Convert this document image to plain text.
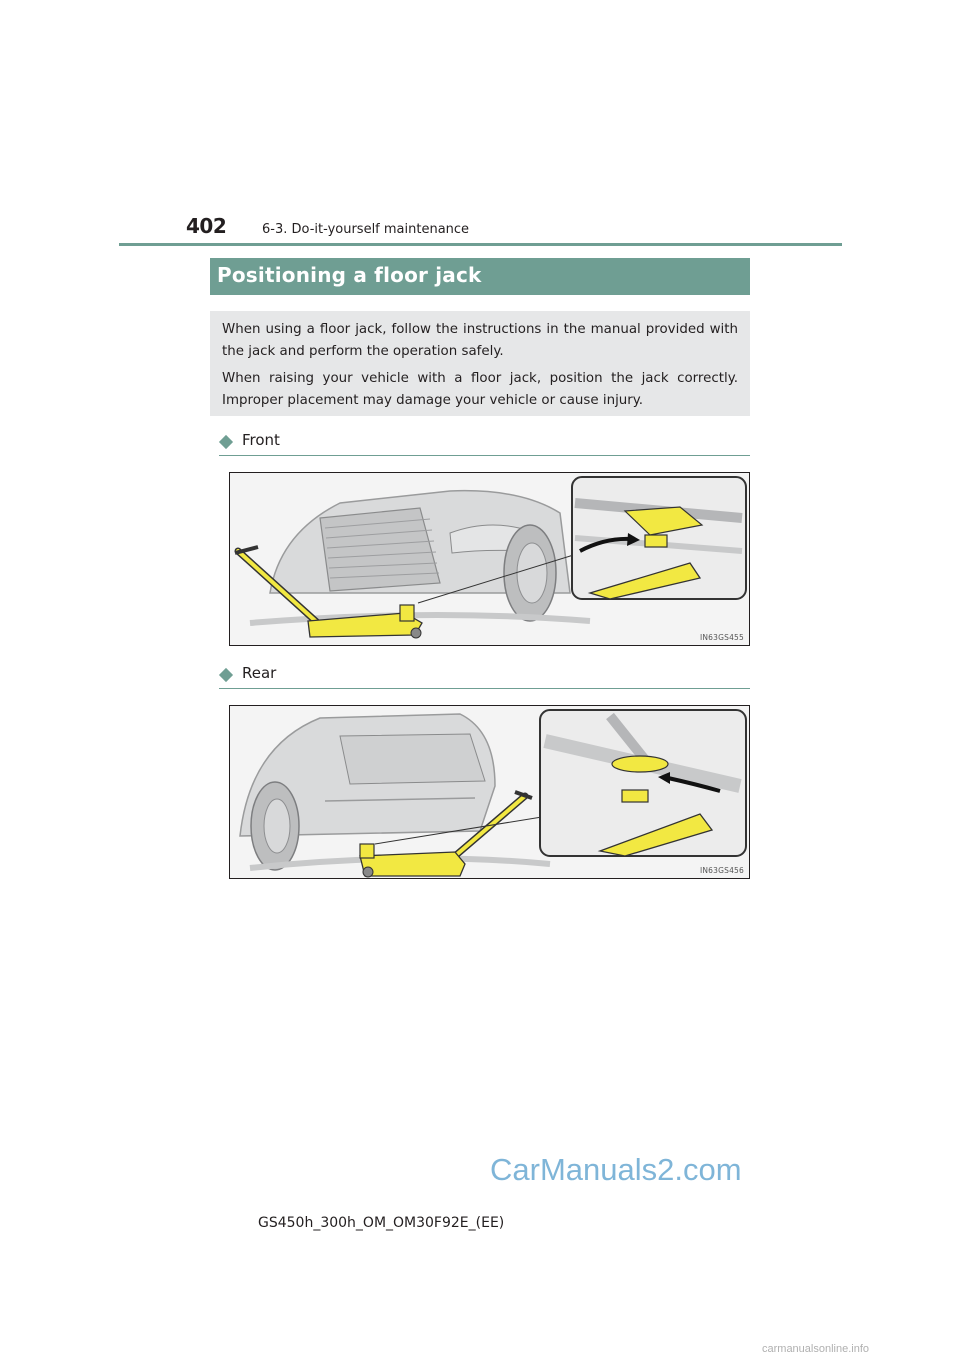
402	6-3. Do-it-yourself maintenance
Positioning a floor jack

When using a floor jack, follow the instructions in the manual provided with the jack and perform the operation safely.

When raising your vehicle with a floor jack, position the jack correctly. Improper placement may damage your vehicle or cause injury.

Front
IN63GS455
Rear
IN63GS456
CarManuals2.com
GS450h_300h_OM_OM30F92E_(EE)
carmanualsonline.info
